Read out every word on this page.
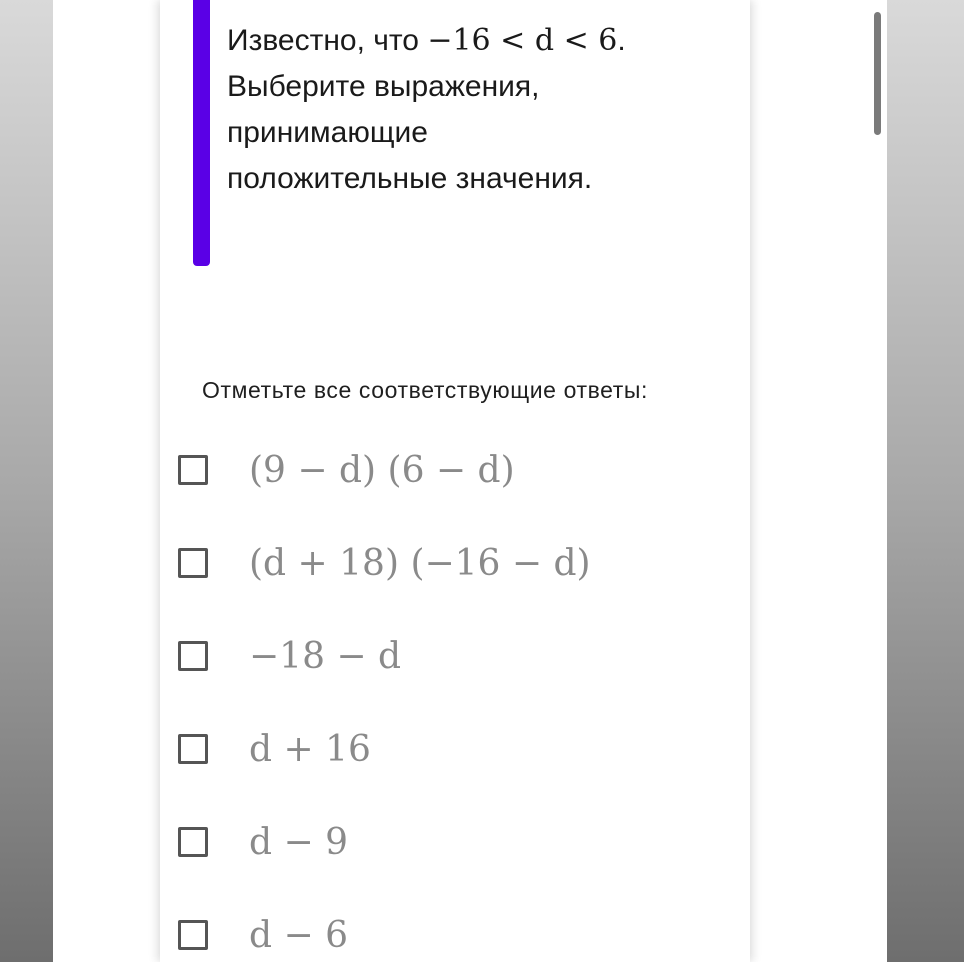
Известно, что −16 < d < 6.
Выберите выражения,
принимающие
положительные значения.
Отметьте все соответствующие ответы:
(9 − d) (6 − d)
(d + 18) (−16 − d)
−18 − d
d + 16
d − 9
d − 6
